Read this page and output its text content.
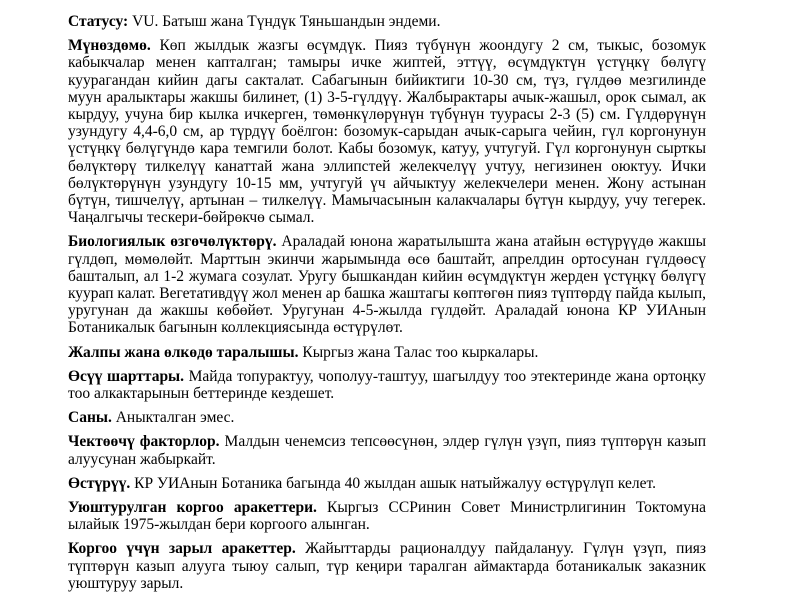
Статусу: VU. Батыш жана Түндүк Тяньшандын эндеми.

Мүнөздөмө. Көп жылдык жазгы өсүмдүк. Пияз түбүнүн жоондугу 2 см, тыкыс, бозомук кабыкчалар менен капталган; тамыры ичке жиптей, эттүү, өсүмдүктүн үстүңкү бөлүгү куурагандан кийин дагы сакталат. Сабагынын бийиктиги 10-30 см, түз, гүлдөө мезгилинде муун аралыктары жакшы билинет, (1) 3-5-гүлдүү. Жалбырактары ачык-жашыл, орок сымал, ак кырдуу, учуна бир кылка ичкерген, төмөнкүлөрүнүн түбүнүн туурасы 2-3 (5) см. Гүлдөрүнүн узундугу 4,4-6,0 см, ар түрдүү боёлгон: бозомук-сарыдан ачык-сарыга чейин, гүл коргонунун үстүңкү бөлүгүндө кара темгили болот. Кабы бозомук, катуу, учтугуй. Гүл коргонунун сырткы бөлүктөрү тилкелүү канаттай жана эллипстей желекчелүү учтуу, негизинен оюктуу. Ички бөлүктөрүнүн узундугу 10-15 мм, учтугуй үч айчыктуу желекчелери менен. Жону астынан бүтүн, тишчелүү, артынан – тилкелүү. Мамычасынын калакчалары бүтүн кырдуу, учу тегерек. Чаңалгычы тескери-бөйрөкчө сымал.

Биологиялык өзгөчөлүктөрү. Араладай юнона жаратылышта жана атайын өстүрүүдө жакшы гүлдөп, мөмөлөйт. Марттын экинчи жарымында өсө баштайт, апрелдин ортосунан гүлдөөсү башталып, ал 1-2 жумага созулат. Уругу бышкандан кийин өсүмдүктүн жерден үстүңкү бөлүгү куурап калат. Вегетативдүү жол менен ар башка жаштагы көптөгөн пияз түптөрдү пайда кылып, уругунан да жакшы көбөйөт. Уругунан 4-5-жылда гүлдөйт. Араладай юнона КР УИАнын Ботаникалык багынын коллекциясында өстүрүлөт.

Жалпы жана өлкөдө таралышы. Кыргыз жана Талас тоо кыркалары.

Өсүү шарттары. Майда топурактуу, чополуу-таштуу, шагылдуу тоо этектеринде жана ортоңку тоо алкактарынын беттеринде кездешет.

Саны. Аныкталган эмес.

Чектөөчү факторлор. Малдын ченемсиз тепсөөсүнөн, элдер гүлүн үзүп, пияз түптөрүн казып алуусунан жабыркайт.

Өстүрүү. КР УИАнын Ботаника багында 40 жылдан ашык натыйжалуу өстүрүлүп келет.

Уюштурулган коргоо аракеттери. Кыргыз ССРинин Совет Министрлигинин Токтомуна ылайык 1975-жылдан бери коргоого алынган.

Коргоо үчүн зарыл аракеттер. Жайыттарды рационалдуу пайдалануу. Гүлүн үзүп, пияз түптөрүн казып алууга тыюу салып, түр кеңири таралган аймактарда ботаникалык заказник уюштуруу зарыл.
